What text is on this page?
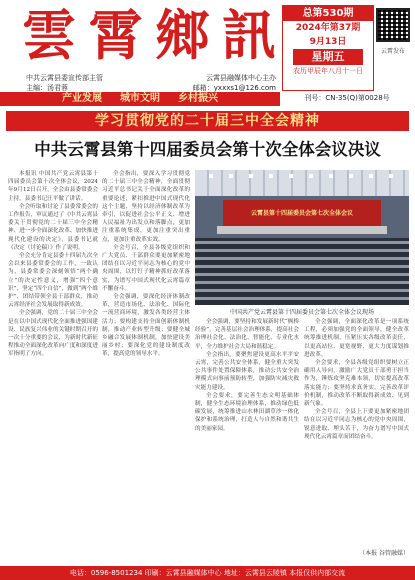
雲 霄 鄉 訊	总第530期
2024年第37期
9月13日
星期五
农历甲辰年八月十一日
云霄发布
中共云霄县委宣传部主管	云霄县融媒体中心主办
主编：汤君蓉	邮箱：yxxxs1@126.com
刊号：CN-35(Q)第0028号
产业发展 城市文明 乡村振兴
学习贯彻党的二十届三中全会精神
中共云霄县第十四届委员会第十次全体会议决议

本报讯 中国共产党云霄县第十四届委员会第十次全体会议，2024年9月12日召开。全会由县委常委会主持。县委书记汪平做了讲话。

全会听取和讨论了县委常委会的工作报告，审议通过了《中共云霄县委关于贯彻党的二十届三中全会精神、进一步全面深化改革、加快推进现代化建设的决定》，县委书记就《决定（讨论稿）》作了说明。

全会充分肯定县委十四届九次全会以来县委常委会的工作，一致认为，县委常委会深刻领悟“两个确立”的决定性意义，增强“四个意识”，坚定“四个自信”，做到“两个维护”，团结带领全县干部群众，推动云霄经济社会发展取得新成效。

全会强调，党的二十届三中全会是在以中国式现代化全面推进强国建设、民族复兴伟业的关键时期召开的一次十分重要的会议，为新时代新征程推动全面深化改革向广度和深度进军指明了方向。

全会指出，要深入学习贯彻党的二十届三中全会精神，全面贯彻习近平总书记关于全面深化改革的重要论述，紧扣推进中国式现代化这个主题，坚持以经济体制改革为牵引，以促进社会公平正义、增进人民福祉为出发点和落脚点，更加注重系统集成，更加注重突出重点，更加注重改革实效。

全会号召，全县各级党组织和广大党员、干部群众要更加紧密地团结在以习近平同志为核心的党中央周围，以钉钉子精神抓好改革落实，为谱写中国式现代化云霄篇章不懈奋斗。

全会强调，要深化经济体制改革，营造市场化、法治化、国际化一流营商环境，激发各类经营主体活力；要构建支持全面创新体制机制，推动产业转型升级；要健全城乡融合发展体制机制，加快建设美丽乡村；要深化党的建设制度改革，提高党的领导水平。

云霄县第十四届委员会第七次全体会议
中国共产党云霄县第十四届委员会第七次全体会议现场

全会强调，要坚持和发展新时代“枫桥经验”，完善基层社会治理体系，提高社会治理社会化、法治化、智能化、专业化水平，全力维护社会大局和谐稳定。

全会指出，要聚焦建设更高水平平安云霄，完善公共安全体系，健全重大突发公共事件处置保障体系，推动公共安全治理模式向事前预防转型，加强防灾减灾救灾能力建设。

全会要求，要完善生态文明基础体制，健全生态环境治理体系，推动绿色低碳发展，统筹推进山水林田湖草沙一体化保护和系统治理，打造人与自然和谐共生的美丽家园。

全会强调，全面深化改革是一项系统工程，必须加强党的全面领导，健全改革统筹推进机制，压紧压实各级改革责任，以更高站位、更宽视野、更大力度谋划推进改革。

全会要求，全县各级党组织要树立正确用人导向，激励广大党员干部勇于担当作为，锤炼攻坚克难本领，切实提高改革落实能力；要坚持求真务实，完善改革评价机制，推动改革不断取得新成效、见到新气象。

全会号召，全县上下要更加紧密地团结在以习近平同志为核心的党中央周围，锐意进取、埋头苦干，为奋力谱写中国式现代化云霄篇章而团结奋斗。

（本报 谷管融媒）
电话：0596-8501234 印刷：云霄县融媒体中心 地址：云霄县云陵镇 本报仅供内部交流
